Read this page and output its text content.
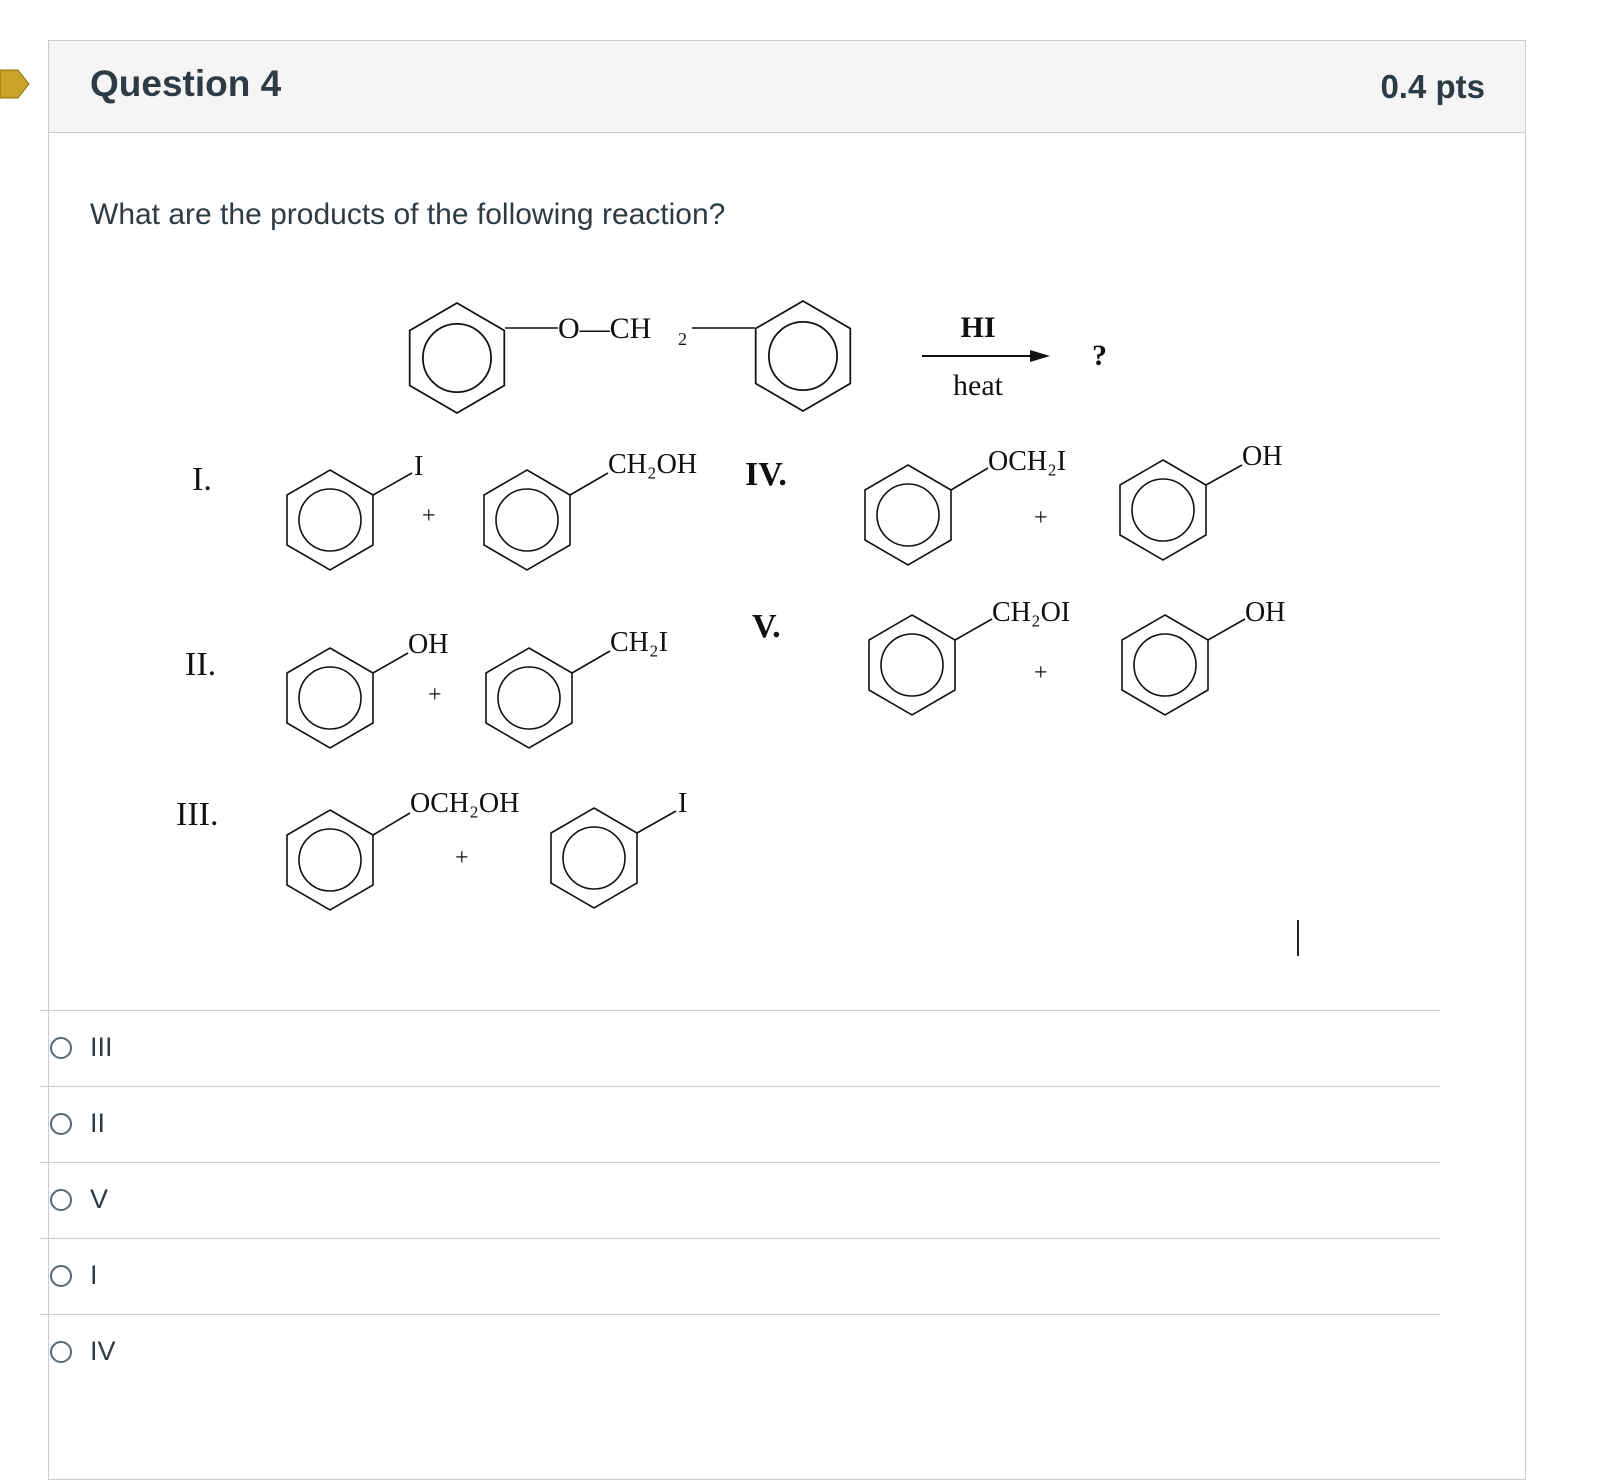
Question 4	0.4 pts
What are the products of the following reaction?
O—CH 2	HI
heat
?
I.	I
+
CH₂OH
II.
OH
+
CH₂I
III.	OCH₂OH
+
I
IV.	OCH₂I
+
OH
V.	CH₂OI
+
OH
III
II
V
I
IV
